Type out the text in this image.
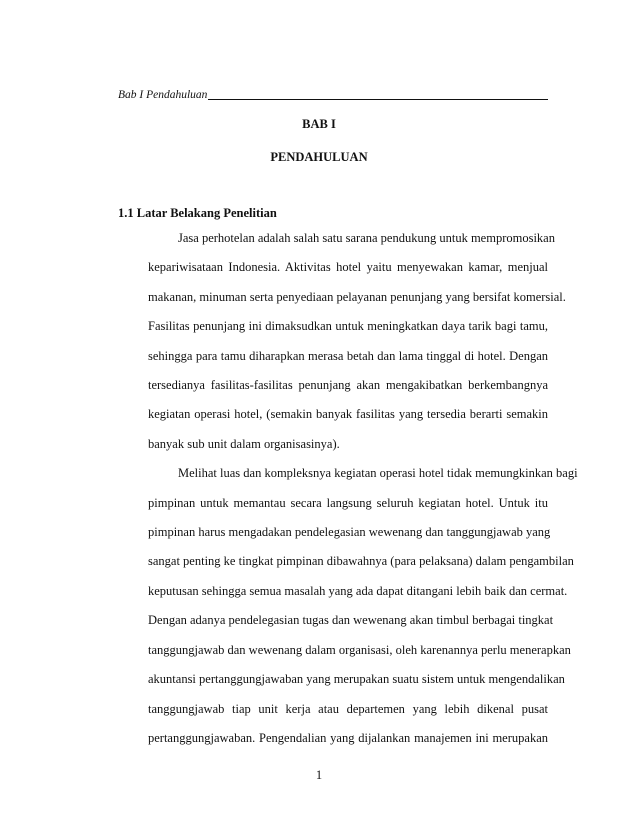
Bab I Pendahuluan
BAB I
PENDAHULUAN
1.1 Latar Belakang Penelitian
Jasa perhotelan adalah salah satu sarana pendukung untuk mempromosikan
kepariwisataan Indonesia. Aktivitas hotel yaitu menyewakan kamar, menjual
makanan, minuman serta penyediaan pelayanan penunjang yang bersifat komersial.
Fasilitas penunjang ini dimaksudkan untuk meningkatkan daya tarik bagi tamu,
sehingga para tamu diharapkan merasa betah dan lama tinggal di hotel. Dengan
tersedianya fasilitas-fasilitas penunjang akan mengakibatkan berkembangnya
kegiatan operasi hotel, (semakin banyak fasilitas yang tersedia berarti semakin
banyak sub unit dalam organisasinya).
Melihat luas dan kompleksnya kegiatan operasi hotel tidak memungkinkan bagi
pimpinan untuk memantau secara langsung seluruh kegiatan hotel. Untuk itu
pimpinan harus mengadakan pendelegasian wewenang dan tanggungjawab yang
sangat penting ke tingkat pimpinan dibawahnya (para pelaksana) dalam pengambilan
keputusan sehingga semua masalah yang ada dapat ditangani lebih baik dan cermat.
Dengan adanya pendelegasian tugas dan wewenang akan timbul berbagai tingkat
tanggungjawab dan wewenang dalam organisasi, oleh karenannya perlu menerapkan
akuntansi pertanggungjawaban yang merupakan suatu sistem untuk mengendalikan
tanggungjawab tiap unit kerja atau departemen yang lebih dikenal pusat
pertanggungjawaban. Pengendalian yang dijalankan manajemen ini merupakan
1
